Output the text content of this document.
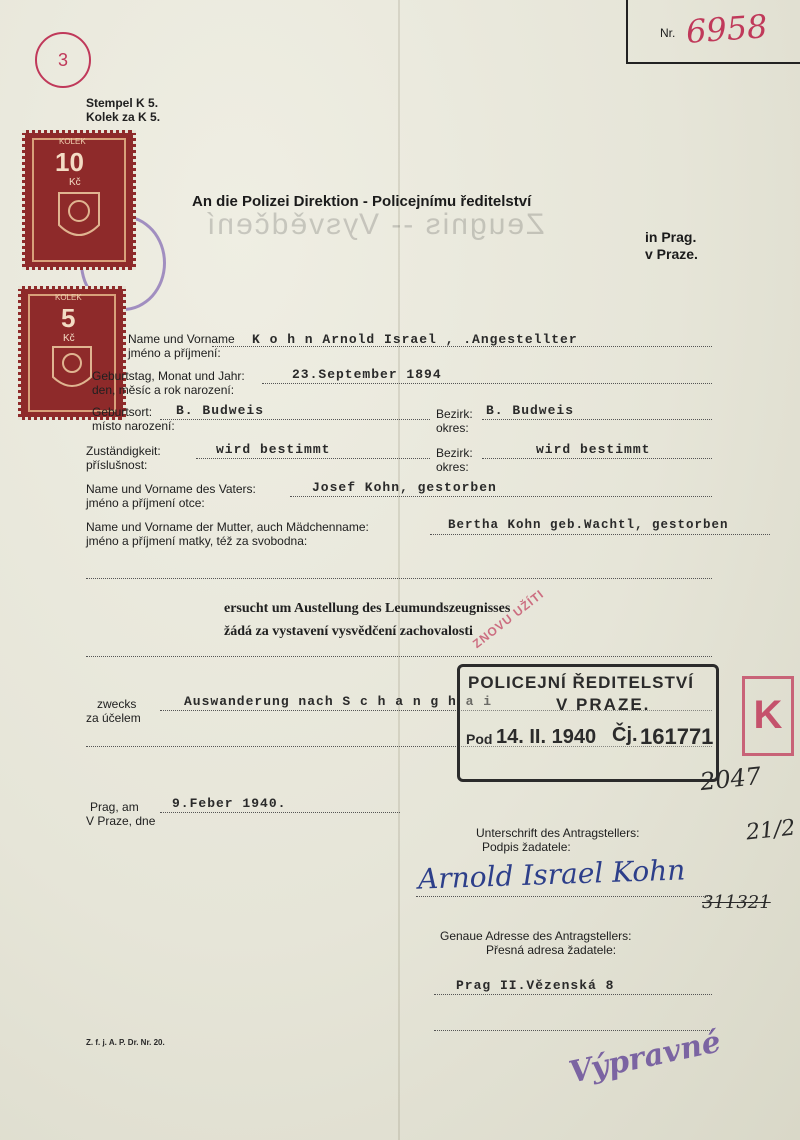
Zeugnis -- Vysvědčení
Nr. 6958
3
Stempel K 5.
Kolek za K 5.
KOLEK
10
Kč
KOLEK
5
Kč
An die Polizei Direktion - Policejnímu ředitelství
in Prag.
v Praze.
Name und Vorname
jméno a příjmení:
K o h n Arnold Israel , .Angestellter
Geburtstag, Monat und Jahr:
den, měsíc a rok narození:
23.September 1894
Geburtsort:
místo narození:
B. Budweis	Bezirk:
okres:
B. Budweis
Zuständigkeit:
příslušnost:
wird bestimmt	Bezirk:
okres:
wird bestimmt
Name und Vorname des Vaters:
jméno a příjmení otce:
Josef Kohn, gestorben
Name und Vorname der Mutter, auch Mädchenname:
jméno a příjmení matky, též za svobodna:
Bertha Kohn geb.Wachtl, gestorben
ersucht um Austellung des Leumundszeugnisses
žádá za vystavení vysvědčení zachovalosti
zwecks
za účelem
Auswanderung nach S c h a n g h a i
POLICEJNÍ ŘEDITELSTVÍ
V PRAZE.
Pod 14. II. 1940 Čj. 161771
ZNOVU UŽÍTI
K
2047
21/2
Prag, am
V Praze, dne
9.Feber 1940.
Unterschrift des Antragstellers:
Podpis žadatele:
Arnold Israel Kohn
311321
Genaue Adresse des Antragstellers:
Přesná adresa žadatele:
Prag II.Vězenská 8
Z. f. j. A. P. Dr. Nr. 20.	Výpravné
